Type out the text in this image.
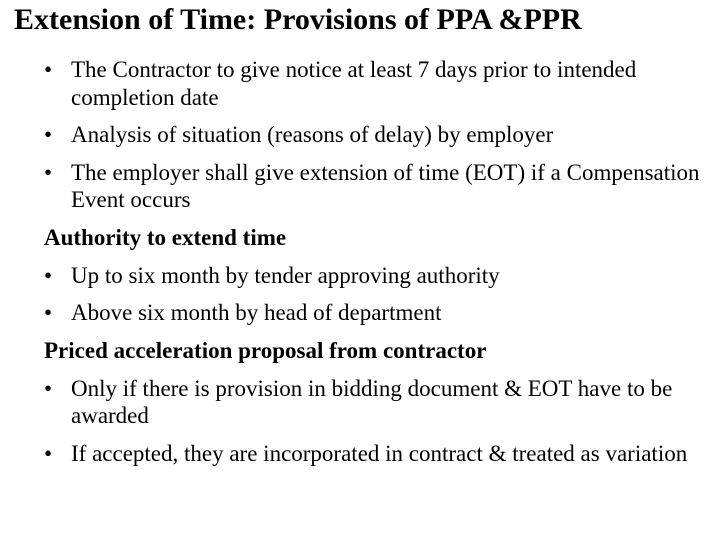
Extension of Time: Provisions of PPA &PPR
• The Contractor to give notice at least 7 days prior to intended completion date
• Analysis of situation (reasons of delay) by employer
• The employer shall give extension of time (EOT) if a Compensation Event occurs
Authority to extend time
• Up to six month by tender approving authority
• Above six month by head of department
Priced acceleration proposal from contractor
• Only if there is provision in bidding document & EOT have to be awarded
• If accepted, they are incorporated in contract & treated as variation
